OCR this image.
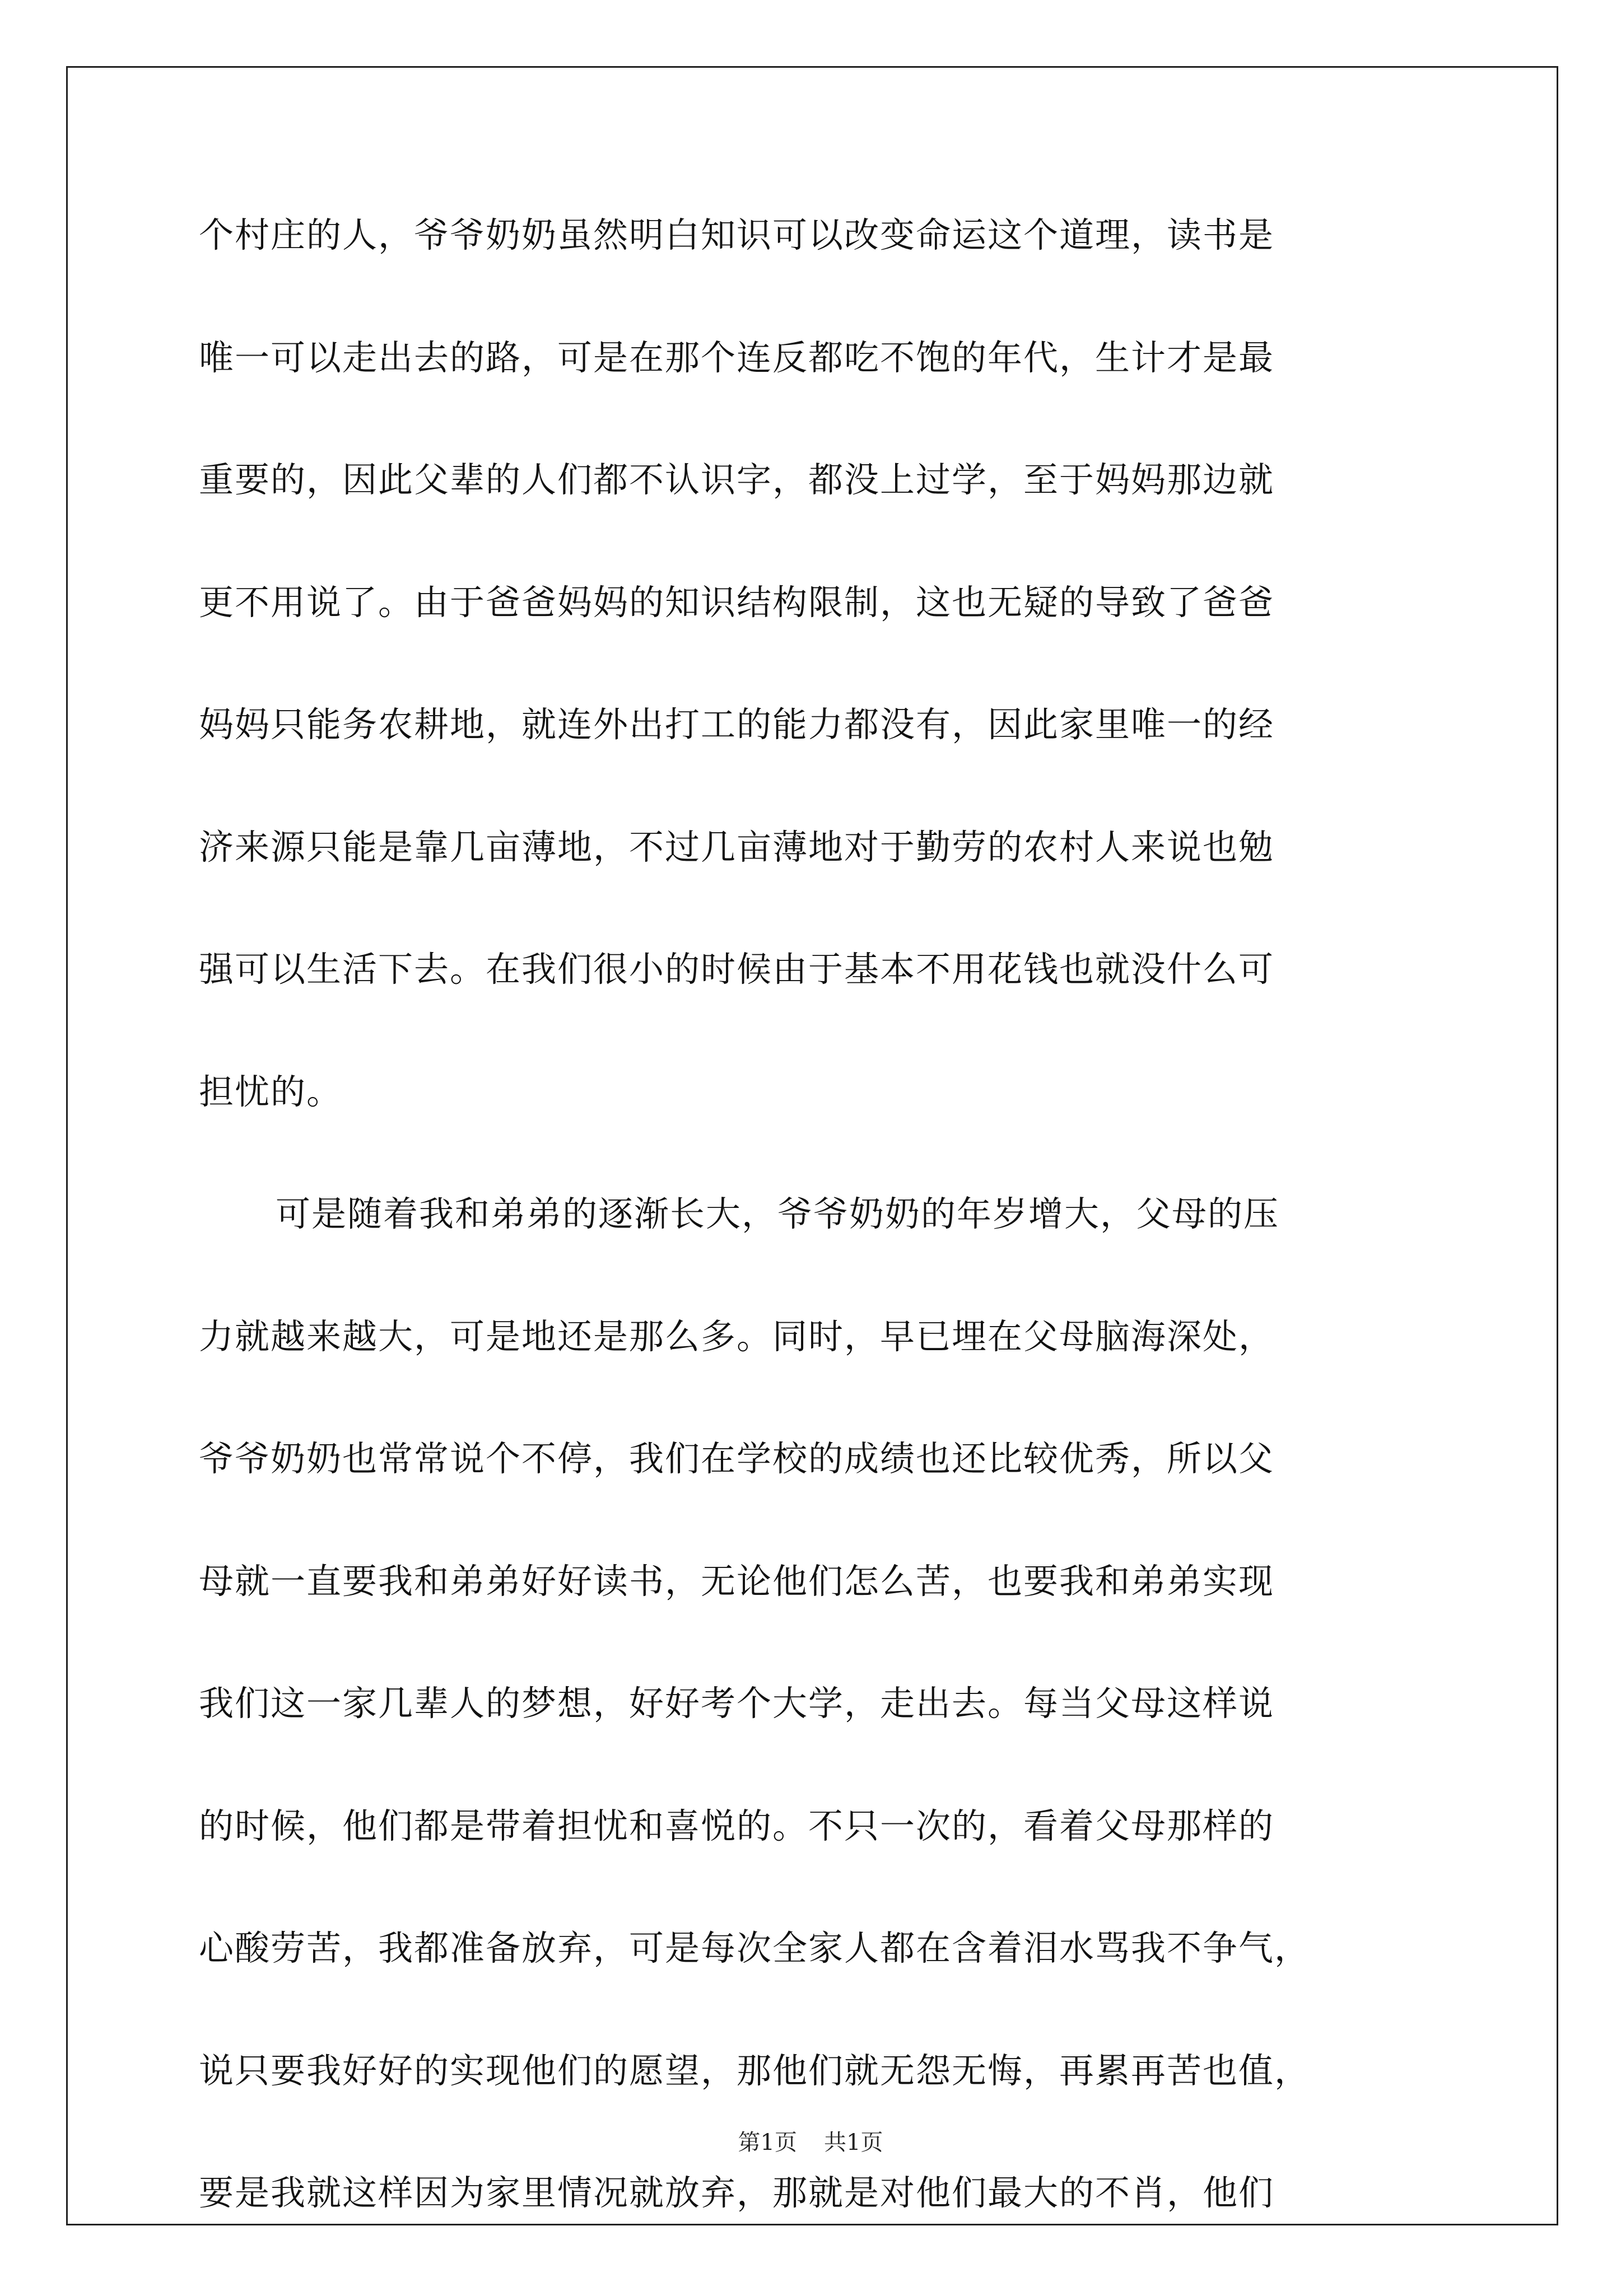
个村庄的人，爷爷奶奶虽然明白知识可以改变命运这个道理，读书是
唯一可以走出去的路，可是在那个连反都吃不饱的年代，生计才是最
重要的，因此父辈的人们都不认识字，都没上过学，至于妈妈那边就
更不用说了。由于爸爸妈妈的知识结构限制，这也无疑的导致了爸爸
妈妈只能务农耕地，就连外出打工的能力都没有，因此家里唯一的经
济来源只能是靠几亩薄地，不过几亩薄地对于勤劳的农村人来说也勉
强可以生活下去。在我们很小的时候由于基本不用花钱也就没什么可
担忧的。
可是随着我和弟弟的逐渐长大，爷爷奶奶的年岁增大，父母的压
力就越来越大，可是地还是那么多。同时，早已埋在父母脑海深处，
爷爷奶奶也常常说个不停，我们在学校的成绩也还比较优秀，所以父
母就一直要我和弟弟好好读书，无论他们怎么苦，也要我和弟弟实现
我们这一家几辈人的梦想，好好考个大学，走出去。每当父母这样说
的时候，他们都是带着担忧和喜悦的。不只一次的，看着父母那样的
心酸劳苦，我都准备放弃，可是每次全家人都在含着泪水骂我不争气，
说只要我好好的实现他们的愿望，那他们就无怨无悔，再累再苦也值，
要是我就这样因为家里情况就放弃，那就是对他们最大的不肖，他们
第1页 共1页
